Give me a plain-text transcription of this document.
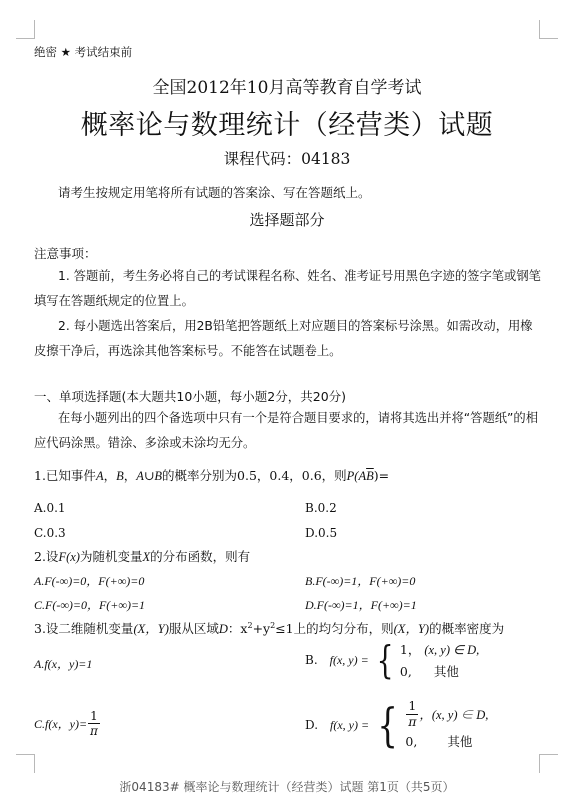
绝密 ★ 考试结束前
全国2012年10月高等教育自学考试
概率论与数理统计（经营类）试题
课程代码：04183
请考生按规定用笔将所有试题的答案涂、写在答题纸上。
选择题部分
注意事项：
1. 答题前，考生务必将自己的考试课程名称、姓名、准考证号用黑色字迹的签字笔或钢笔填写在答题纸规定的位置上。
2. 每小题选出答案后，用2B铅笔把答题纸上对应题目的答案标号涂黑。如需改动，用橡皮擦干净后，再选涂其他答案标号。不能答在试题卷上。
一、单项选择题(本大题共10小题，每小题2分，共20分)
在每小题列出的四个备选项中只有一个是符合题目要求的，请将其选出并将“答题纸”的相应代码涂黑。错涂、多涂或未涂均无分。
1.已知事件A，B，A∪B的概率分别为0.5，0.4，0.6，则$P(A\overline{B})=$
A.0.1	B.0.2
C.0.3	D.0.5
2.设F(x)为随机变量X的分布函数，则有
A.F(-∞)=0，F(+∞)=0	B.F(-∞)=1，F(+∞)=0
C.F(-∞)=0，F(+∞)=1	D.F(-∞)=1，F(+∞)=1
3.设二维随机变量(X，Y)服从区域D：$x^2+y^2\le 1$上的均匀分布，则(X，Y)的概率密度为
A.f(x，y)=1	B. f(x, y) = { 1， (x, y) ∈ D,
0, 其他
C.f(x，$y)= \frac{1}{\pi}$	D. f(x, y) = { $\frac{1}{\pi}$ ，(x, y) ∈ D,
0, 其他
浙04183# 概率论与数理统计（经营类）试题 第1页（共5页）
